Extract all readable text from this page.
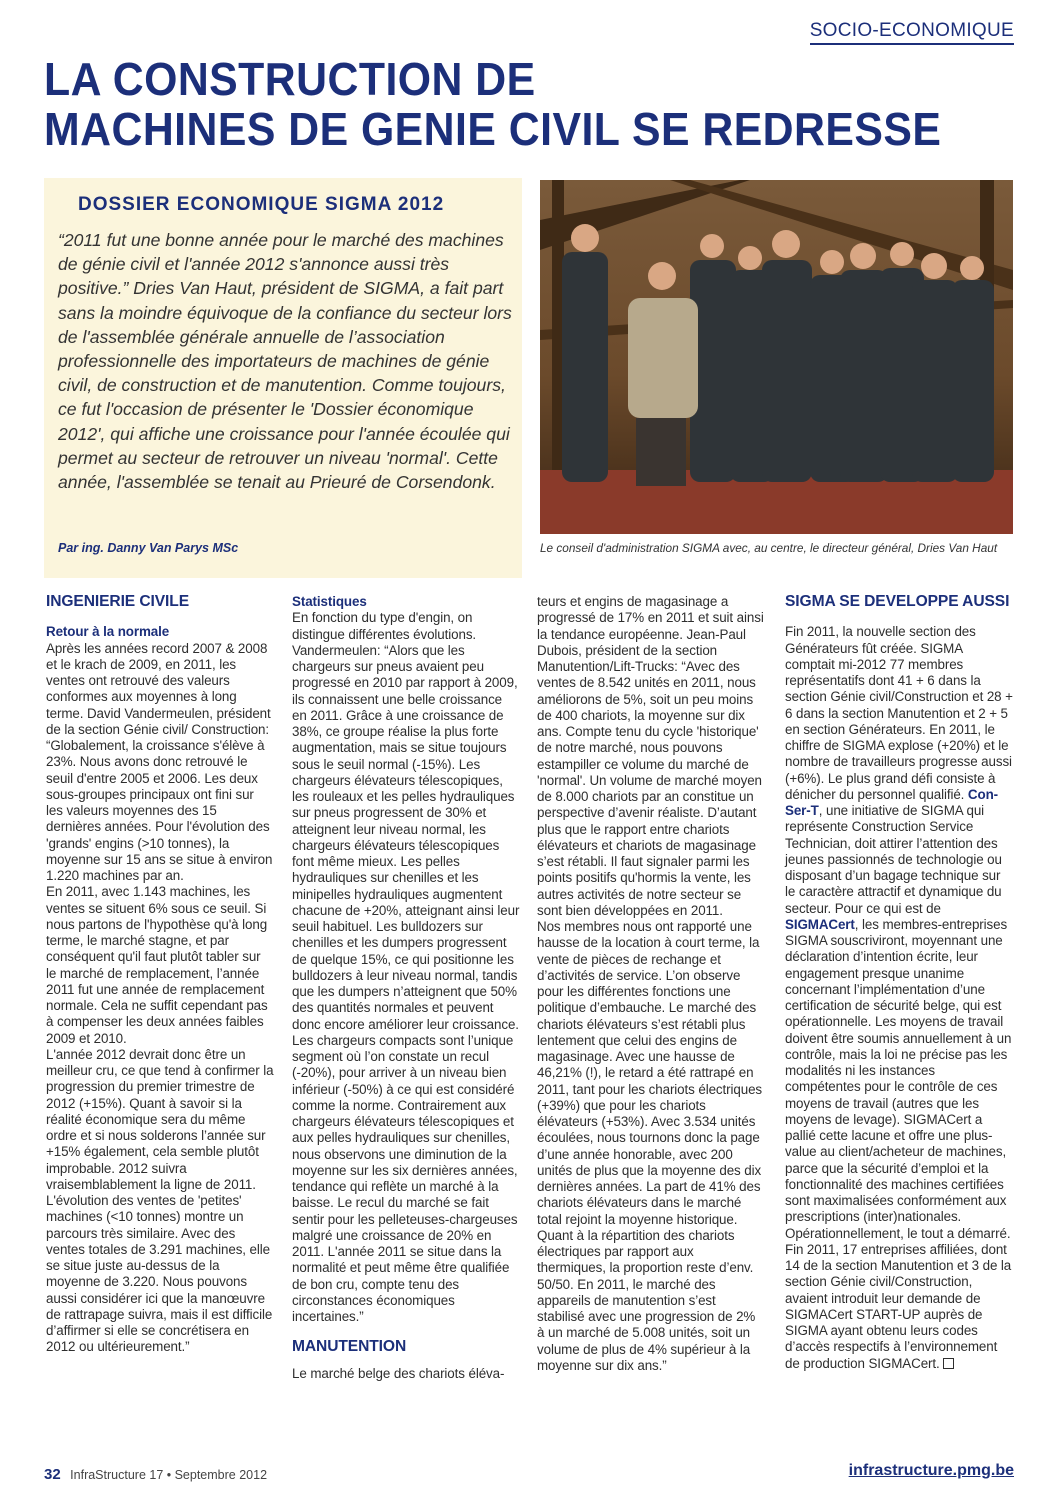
SOCIO-ECONOMIQUE
LA CONSTRUCTION DE
MACHINES DE GENIE CIVIL SE REDRESSE
DOSSIER ECONOMIQUE SIGMA 2012

“2011 fut une bonne année pour le marché des machines de génie civil et l'année 2012 s'annonce aussi très positive.” Dries Van Haut, président de SIGMA, a fait part sans la moindre équivoque de la confiance du secteur lors de l'assemblée générale annuelle de l’association professionnelle des importateurs de machines de génie civil, de construction et de manutention. Comme toujours, ce fut l'occasion de présenter le 'Dossier économique 2012', qui affiche une croissance pour l'année écoulée qui permet au secteur de retrouver un niveau 'normal'. Cette année, l'assemblée se tenait au Prieuré de Corsendonk.

Par ing. Danny Van Parys MSc	Le conseil d'administration SIGMA avec, au centre, le directeur général, Dries Van Haut

INGENIERIE CIVILE
Retour à la normale

Après les années record 2007 & 2008 et le krach de 2009, en 2011, les ventes ont retrouvé des valeurs conformes aux moyennes à long terme. David Vandermeulen, président de la section Génie civil/ Construction: “Globalement, la croissance s'élève à 23%. Nous avons donc retrouvé le seuil d'entre 2005 et 2006. Les deux sous-groupes principaux ont fini sur les valeurs moyennes des 15 dernières années. Pour l'évolution des 'grands' engins (>10 tonnes), la moyenne sur 15 ans se situe à environ 1.220 machines par an.

En 2011, avec 1.143 machines, les ventes se situent 6% sous ce seuil. Si nous partons de l'hypothèse qu'à long terme, le marché stagne, et par conséquent qu'il faut plutôt tabler sur le marché de remplacement, l’année 2011 fut une année de remplacement normale. Cela ne suffit cependant pas à compenser les deux années faibles 2009 et 2010.

L'année 2012 devrait donc être un meilleur cru, ce que tend à confirmer la progression du premier trimestre de 2012 (+15%). Quant à savoir si la réalité économique sera du même ordre et si nous solderons l’année sur +15% également, cela semble plutôt improbable. 2012 suivra vraisemblablement la ligne de 2011.

L'évolution des ventes de 'petites' machines (<10 tonnes) montre un parcours très similaire. Avec des ventes totales de 3.291 machines, elle se situe juste au-dessus de la moyenne de 3.220. Nous pouvons aussi considérer ici que la manœuvre de rattrapage suivra, mais il est difficile d’affirmer si elle se concrétisera en 2012 ou ultérieurement.”

Statistiques

En fonction du type d'engin, on distingue différentes évolutions. Vandermeulen: “Alors que les chargeurs sur pneus avaient peu progressé en 2010 par rapport à 2009, ils connaissent une belle croissance en 2011. Grâce à une croissance de 38%, ce groupe réalise la plus forte augmentation, mais se situe toujours sous le seuil normal (-15%). Les chargeurs élévateurs télescopiques, les rouleaux et les pelles hydrauliques sur pneus progressent de 30% et atteignent leur niveau normal, les chargeurs élévateurs télescopiques font même mieux. Les pelles hydrauliques sur chenilles et les minipelles hydrauliques augmentent chacune de +20%, atteignant ainsi leur seuil habituel. Les bulldozers sur chenilles et les dumpers progressent de quelque 15%, ce qui positionne les bulldozers à leur niveau normal, tandis que les dumpers n’atteignent que 50% des quantités normales et peuvent donc encore améliorer leur croissance.

Les chargeurs compacts sont l’unique segment où l’on constate un recul (-20%), pour arriver à un niveau bien inférieur (-50%) à ce qui est considéré comme la norme. Contrairement aux chargeurs élévateurs télescopiques et aux pelles hydrauliques sur chenilles, nous observons une diminution de la moyenne sur les six dernières années, tendance qui reflète un marché à la baisse. Le recul du marché se fait sentir pour les pelleteuses-chargeuses malgré une croissance de 20% en 2011. L'année 2011 se situe dans la normalité et peut même être qualifiée de bon cru, compte tenu des circonstances économiques incertaines.”

MANUTENTION

Le marché belge des chariots éléva-

teurs et engins de magasinage a progressé de 17% en 2011 et suit ainsi la tendance européenne. Jean-Paul Dubois, président de la section Manutention/Lift-Trucks: “Avec des ventes de 8.542 unités en 2011, nous améliorons de 5%, soit un peu moins de 400 chariots, la moyenne sur dix ans. Compte tenu du cycle 'historique' de notre marché, nous pouvons estampiller ce volume du marché de 'normal'. Un volume de marché moyen de 8.000 chariots par an constitue un perspective d’avenir réaliste. D’autant plus que le rapport entre chariots élévateurs et chariots de magasinage s’est rétabli. Il faut signaler parmi les points positifs qu'hormis la vente, les autres activités de notre secteur se sont bien développées en 2011.

Nos membres nous ont rapporté une hausse de la location à court terme, la vente de pièces de rechange et d’activités de service. L’on observe pour les différentes fonctions une politique d’embauche. Le marché des chariots élévateurs s’est rétabli plus lentement que celui des engins de magasinage. Avec une hausse de 46,21% (!), le retard a été rattrapé en 2011, tant pour les chariots électriques (+39%) que pour les chariots élévateurs (+53%). Avec 3.534 unités écoulées, nous tournons donc la page d’une année honorable, avec 200 unités de plus que la moyenne des dix dernières années. La part de 41% des chariots élévateurs dans le marché total rejoint la moyenne historique. Quant à la répartition des chariots électriques par rapport aux thermiques, la proportion reste d’env. 50/50. En 2011, le marché des appareils de manutention s’est stabilisé avec une progression de 2% à un marché de 5.008 unités, soit un volume de plus de 4% supérieur à la moyenne sur dix ans.”

SIGMA SE DEVELOPPE AUSSI

Fin 2011, la nouvelle section des Générateurs fût créée. SIGMA comptait mi-2012 77 membres représentatifs dont 41 + 6 dans la section Génie civil/Construction et 28 + 6 dans la section Manutention et 2 + 5 en section Générateurs. En 2011, le chiffre de SIGMA explose (+20%) et le nombre de travailleurs progresse aussi (+6%). Le plus grand défi consiste à dénicher du personnel qualifié. Con-Ser-T, une initiative de SIGMA qui représente Construction Service Technician, doit attirer l’attention des jeunes passionnés de technologie ou disposant d’un bagage technique sur le caractère attractif et dynamique du secteur. Pour ce qui est de SIGMACert, les membres-entreprises SIGMA souscriviront, moyennant une déclaration d’intention écrite, leur engagement presque unanime concernant l’implémentation d’une certification de sécurité belge, qui est opérationnelle. Les moyens de travail doivent être soumis annuellement à un contrôle, mais la loi ne précise pas les modalités ni les instances compétentes pour le contrôle de ces moyens de travail (autres que les moyens de levage). SIGMACert a pallié cette lacune et offre une plus-value au client/acheteur de machines, parce que la sécurité d’emploi et la fonctionnalité des machines certifiées sont maximalisées conformément aux prescriptions (inter)nationales. Opérationnellement, le tout a démarré. Fin 2011, 17 entreprises affiliées, dont 14 de la section Manutention et 3 de la section Génie civil/Construction, avaient introduit leur demande de SIGMACert START-UP auprès de SIGMA ayant obtenu leurs codes d’accès respectifs à l’environnement de production SIGMACert.

32 InfraStructure 17 • Septembre 2012	infrastructure.pmg.be
